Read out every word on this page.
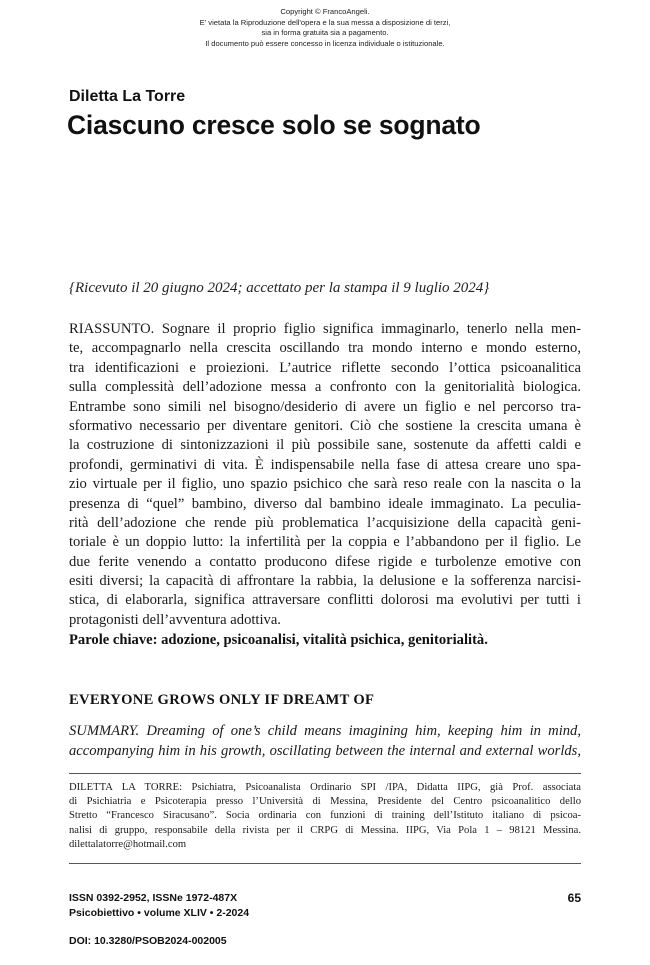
Copyright © FrancoAngeli.
E' vietata la Riproduzione dell'opera e la sua messa a disposizione di terzi,
sia in forma gratuita sia a pagamento.
Il documento può essere concesso in licenza individuale o istituzionale.
Diletta La Torre
Ciascuno cresce solo se sognato
{Ricevuto il 20 giugno 2024; accettato per la stampa il 9 luglio 2024}
RIASSUNTO. Sognare il proprio figlio significa immaginarlo, tenerlo nella men-
te, accompagnarlo nella crescita oscillando tra mondo interno e mondo esterno,
tra identificazioni e proiezioni. L’autrice riflette secondo l’ottica psicoanalitica
sulla complessità dell’adozione messa a confronto con la genitorialità biologica.
Entrambe sono simili nel bisogno/desiderio di avere un figlio e nel percorso tra-
sformativo necessario per diventare genitori. Ciò che sostiene la crescita umana è
la costruzione di sintonizzazioni il più possibile sane, sostenute da affetti caldi e
profondi, germinativi di vita. È indispensabile nella fase di attesa creare uno spa-
zio virtuale per il figlio, uno spazio psichico che sarà reso reale con la nascita o la
presenza di “quel” bambino, diverso dal bambino ideale immaginato. La peculia-
rità dell’adozione che rende più problematica l’acquisizione della capacità geni-
toriale è un doppio lutto: la infertilità per la coppia e l’abbandono per il figlio. Le
due ferite venendo a contatto producono difese rigide e turbolenze emotive con
esiti diversi; la capacità di affrontare la rabbia, la delusione e la sofferenza narcisi-
stica, di elaborarla, significa attraversare conflitti dolorosi ma evolutivi per tutti i
protagonisti dell’avventura adottiva.
Parole chiave: adozione, psicoanalisi, vitalità psichica, genitorialità.
EVERYONE GROWS ONLY IF DREAMT OF
SUMMARY. Dreaming of one’s child means imagining him, keeping him in mind,
accompanying him in his growth, oscillating between the internal and external worlds,
DILETTA LA TORRE: Psichiatra, Psicoanalista Ordinario SPI /IPA, Didatta IIPG, già Prof. associata
di Psichiatria e Psicoterapia presso l’Università di Messina, Presidente del Centro psicoanalitico dello
Stretto “Francesco Siracusano”. Socia ordinaria con funzioni di training dell’Istituto italiano di psicoa-
nalisi di gruppo, responsabile della rivista per il CRPG di Messina. IIPG, Via Pola 1 – 98121 Messina.
dilettalatorre@hotmail.com
ISSN 0392-2952, ISSNe 1972-487X
Psicobiettivo • volume XLIV • 2-2024
65
DOI: 10.3280/PSOB2024-002005
